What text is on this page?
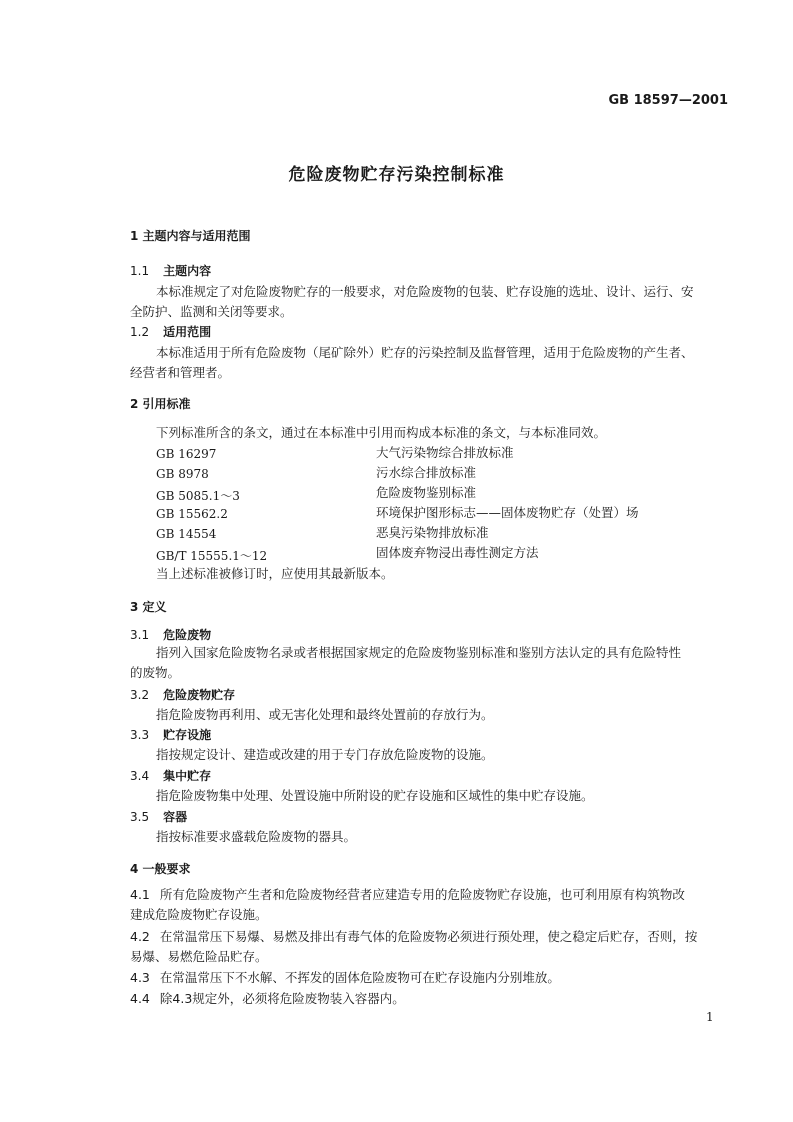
GB 18597—2001
危险废物贮存污染控制标准
1 主题内容与适用范围
1.1 主题内容
本标准规定了对危险废物贮存的一般要求，对危险废物的包装、贮存设施的选址、设计、运行、安
全防护、监测和关闭等要求。
1.2 适用范围
本标准适用于所有危险废物（尾矿除外）贮存的污染控制及监督管理，适用于危险废物的产生者、
经营者和管理者。
2 引用标准
下列标准所含的条文，通过在本标准中引用而构成本标准的条文，与本标准同效。
GB 16297	大气污染物综合排放标准
GB 8978	污水综合排放标准
GB 5085.1～3	危险废物鉴别标准
GB 15562.2	环境保护图形标志——固体废物贮存（处置）场
GB 14554	恶臭污染物排放标准
GB/T 15555.1～12	固体废弃物浸出毒性测定方法
当上述标准被修订时，应使用其最新版本。
3 定义
3.1 危险废物
指列入国家危险废物名录或者根据国家规定的危险废物鉴别标准和鉴别方法认定的具有危险特性
的废物。
3.2 危险废物贮存
指危险废物再利用、或无害化处理和最终处置前的存放行为。
3.3 贮存设施
指按规定设计、建造或改建的用于专门存放危险废物的设施。
3.4 集中贮存
指危险废物集中处理、处置设施中所附设的贮存设施和区域性的集中贮存设施。
3.5 容器
指按标准要求盛载危险废物的器具。
4 一般要求
4.1 所有危险废物产生者和危险废物经营者应建造专用的危险废物贮存设施，也可利用原有构筑物改
建成危险废物贮存设施。
4.2 在常温常压下易爆、易燃及排出有毒气体的危险废物必须进行预处理，使之稳定后贮存，否则，按
易爆、易燃危险品贮存。
4.3 在常温常压下不水解、不挥发的固体危险废物可在贮存设施内分别堆放。
4.4 除4.3规定外，必须将危险废物装入容器内。
1
